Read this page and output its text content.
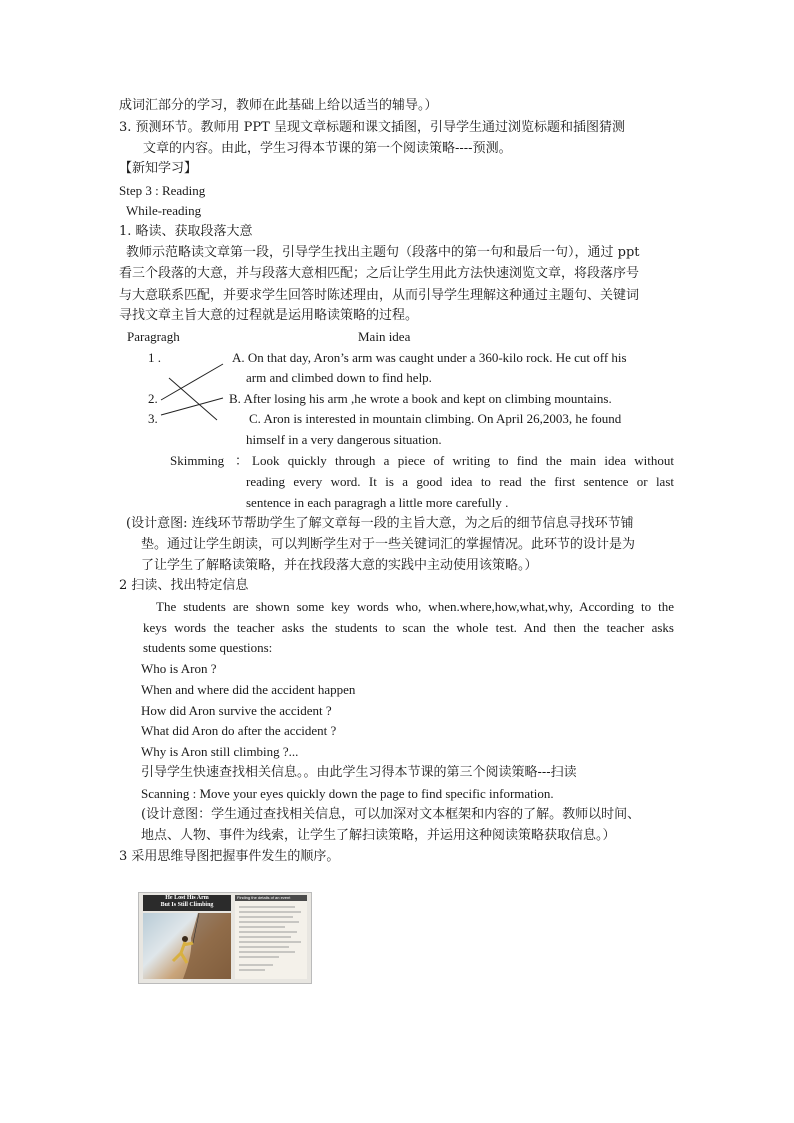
成词汇部分的学习，教师在此基础上给以适当的辅导。）
3. 预测环节。教师用 PPT 呈现文章标题和课文插图，引导学生通过浏览标题和插图猜测
文章的内容。由此，学生习得本节课的第一个阅读策略----预测。
【新知学习】
Step 3 : Reading
While-reading
1. 略读、获取段落大意
教师示范略读文章第一段，引导学生找出主题句（段落中的第一句和最后一句），通过 ppt
看三个段落的大意，并与段落大意相匹配；之后让学生用此方法快速浏览文章，将段落序号
与大意联系匹配，并要求学生回答时陈述理由，从而引导学生理解这种通过主题句、关键词
寻找文章主旨大意的过程就是运用略读策略的过程。
Paragragh	Main idea
1 .
2.
3.
A. On that day, Aron’s arm was caught under a 360-kilo rock. He cut off his
arm and climbed down to find help.
B. After losing his arm ,he wrote a book and kept on climbing mountains.
C. Aron is interested in mountain climbing. On April 26,2003, he found
himself in a very dangerous situation.
Skimming ： Look quickly through a piece of writing to find the main idea without
reading every word. It is a good idea to read the first sentence or last
sentence in each paragragh a little more carefully .
(设计意图: 连线环节帮助学生了解文章每一段的主旨大意，为之后的细节信息寻找环节铺
垫。通过让学生朗读，可以判断学生对于一些关键词汇的掌握情况。此环节的设计是为
了让学生了解略读策略，并在找段落大意的实践中主动使用该策略。）
2 扫读、找出特定信息
The students are shown some key words who, when.where,how,what,why, According to the
keys words the teacher asks the students to scan the whole test. And then the teacher asks
students some questions:
Who is Aron ?
When and where did the accident happen
How did Aron survive the accident ?
What did Aron do after the accident ?
Why is Aron still climbing ?...
引导学生快速查找相关信息。。由此学生习得本节课的第三个阅读策略---扫读
Scanning : Move your eyes quickly down the page to find specific information.
(设计意图：学生通过查找相关信息，可以加深对文本框架和内容的了解。教师以时间、
地点、人物、事件为线索，让学生了解扫读策略，并运用这种阅读策略获取信息。）
3 采用思维导图把握事件发生的顺序。
He Lost His Arm
But Is Still Climbing
Finding the details of an event
